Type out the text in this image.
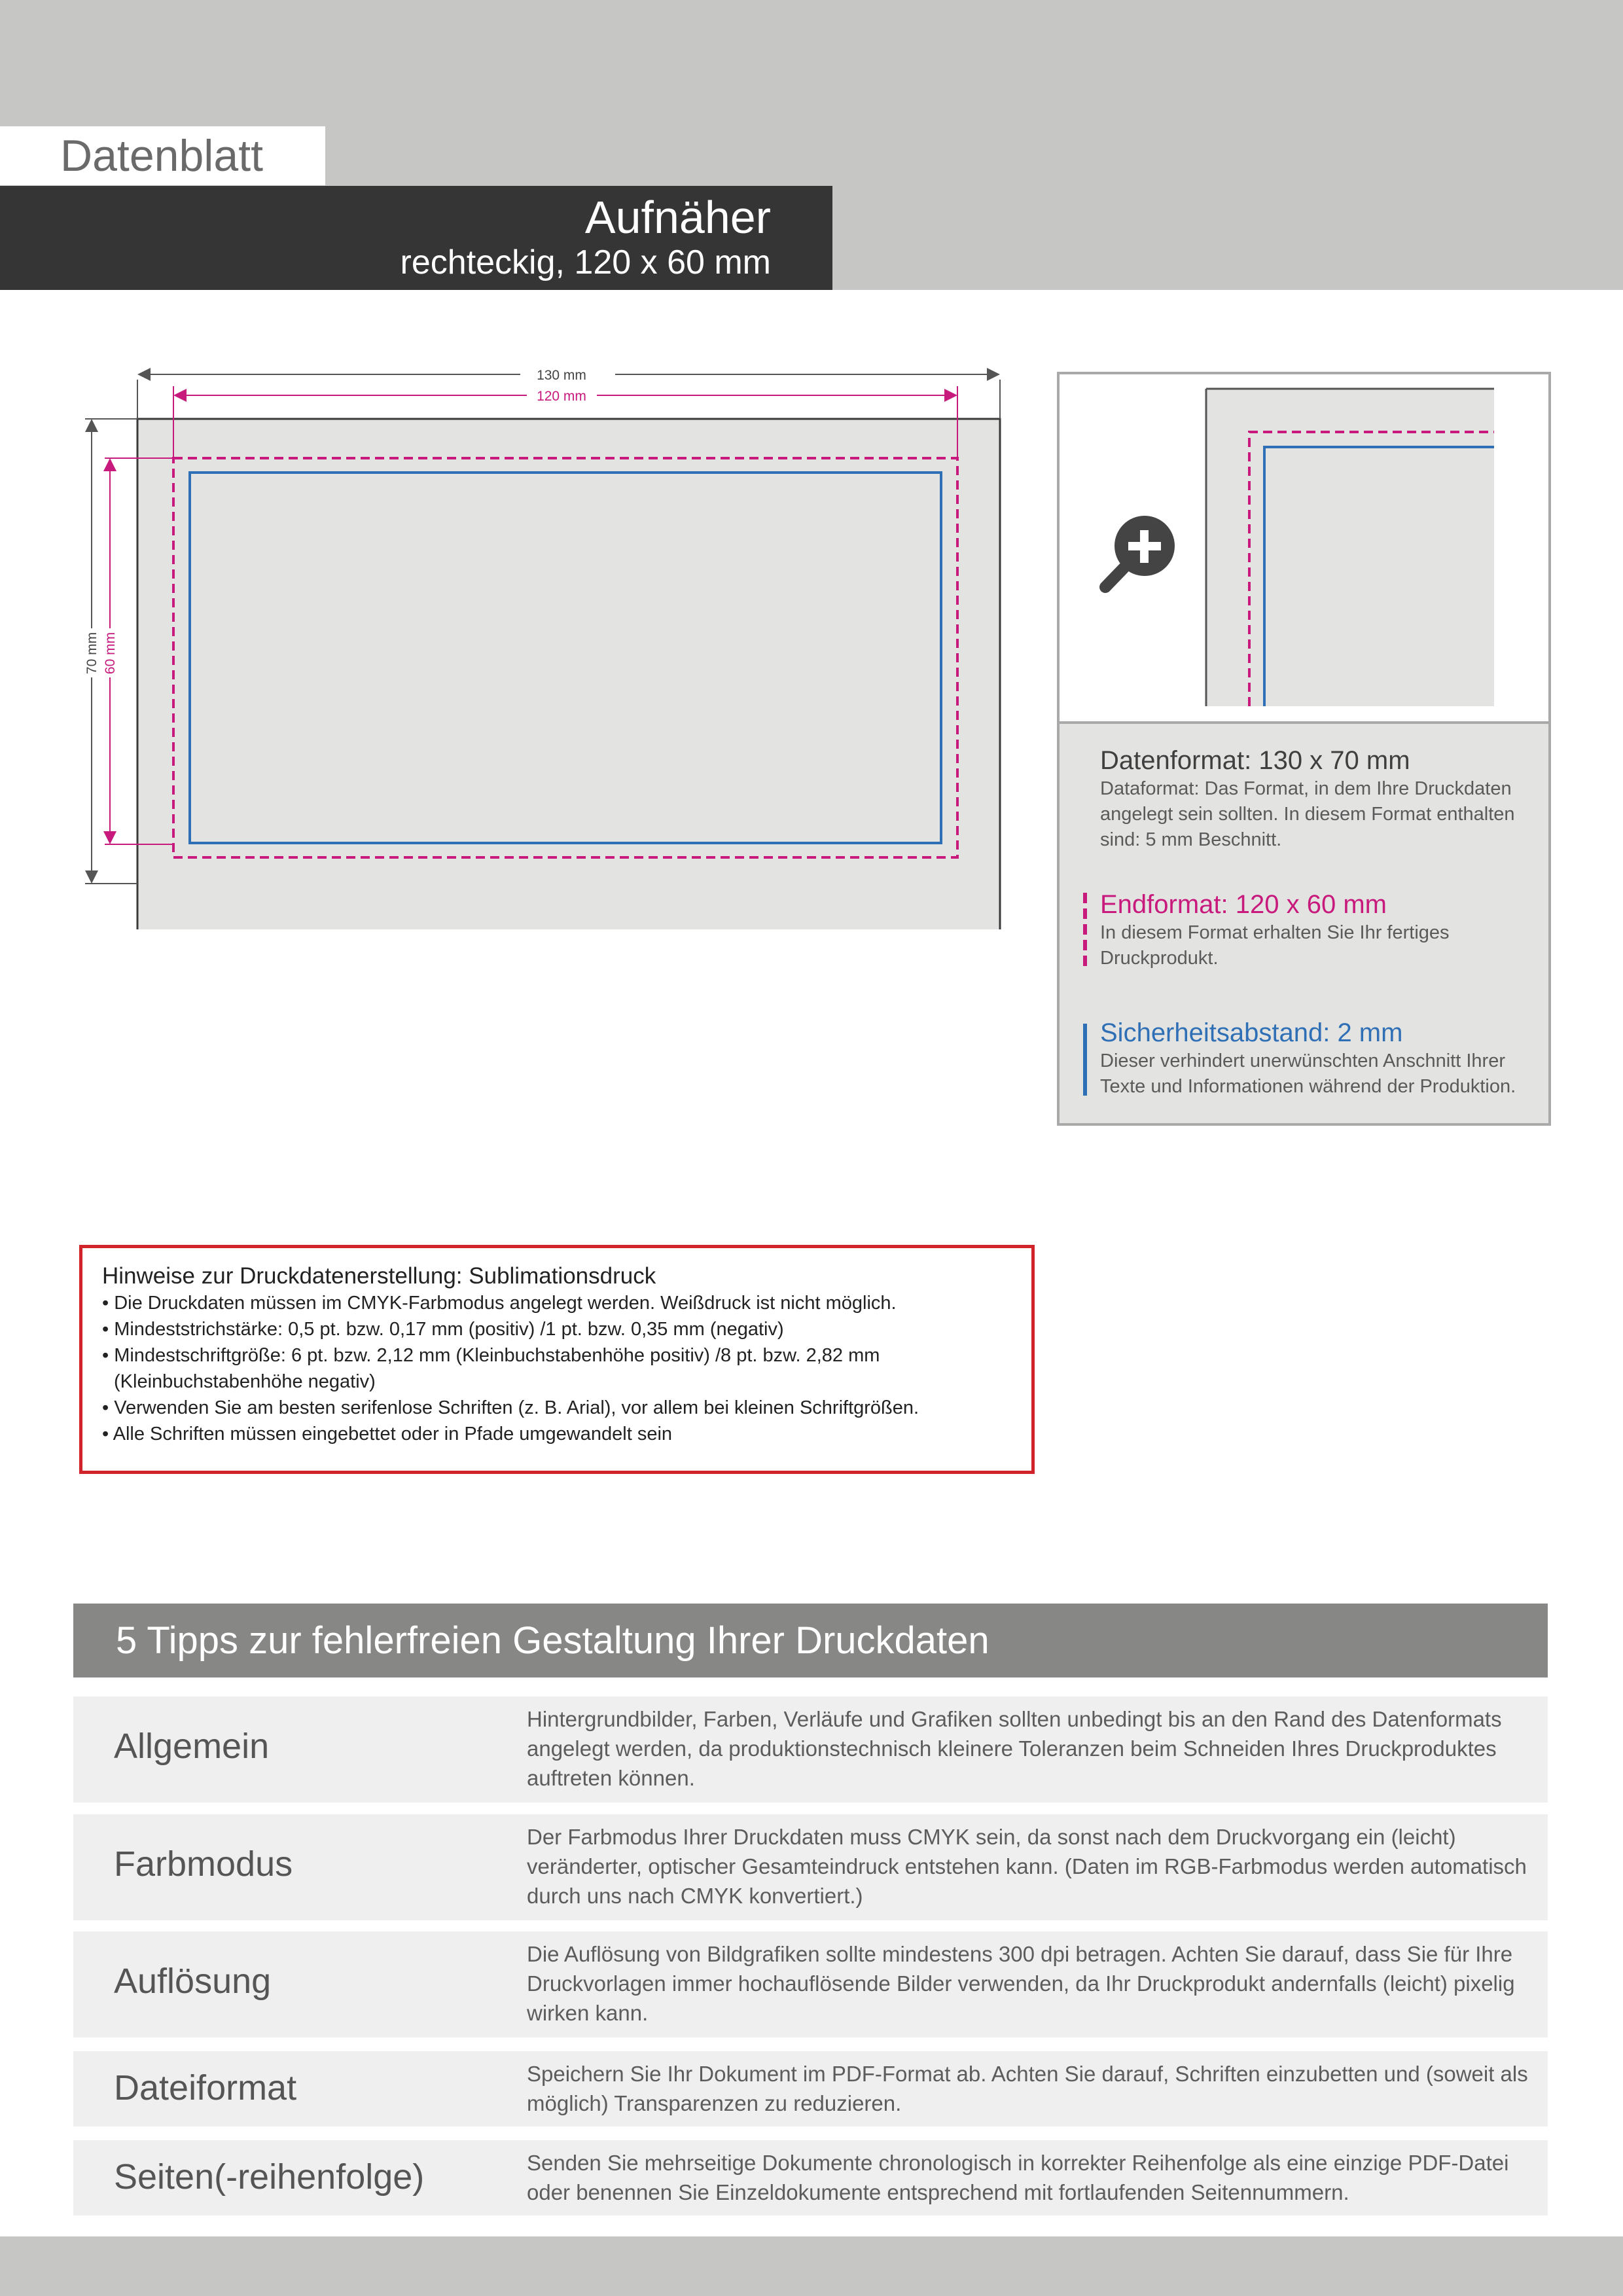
Datenblatt
Aufnäher
rechteckig, 120 x 60 mm
130 mm
120 mm
70 mm 60 mm
Datenformat: 130 x 70 mm
Dataformat: Das Format, in dem Ihre Druckdaten angelegt sein sollten. In diesem Format enthalten sind: 5 mm Beschnitt.
Endformat: 120 x 60 mm
In diesem Format erhalten Sie Ihr fertiges Druckprodukt.
Sicherheitsabstand: 2 mm
Dieser verhindert unerwünschten Anschnitt Ihrer Texte und Informationen während der Produktion.
Hinweise zur Druckdatenerstellung: Sublimationsdruck
• Die Druckdaten müssen im CMYK-Farbmodus angelegt werden. Weißdruck ist nicht möglich.
• Mindeststrichstärke: 0,5 pt. bzw. 0,17 mm (positiv) /1 pt. bzw. 0,35 mm (negativ)
• Mindestschriftgröße: 6 pt. bzw. 2,12 mm (Kleinbuchstabenhöhe positiv) /8 pt. bzw. 2,82 mm
(Kleinbuchstabenhöhe negativ)
• Verwenden Sie am besten serifenlose Schriften (z. B. Arial), vor allem bei kleinen Schriftgrößen.
• Alle Schriften müssen eingebettet oder in Pfade umgewandelt sein
5 Tipps zur fehlerfreien Gestaltung Ihrer Druckdaten
Allgemein
Hintergrundbilder, Farben, Verläufe und Grafiken sollten unbedingt bis an den Rand des Datenformats angelegt werden, da produktionstechnisch kleinere Toleranzen beim Schneiden Ihres Druckproduktes auftreten können.
Farbmodus
Der Farbmodus Ihrer Druckdaten muss CMYK sein, da sonst nach dem Druckvorgang ein (leicht) veränderter, optischer Gesamteindruck entstehen kann. (Daten im RGB-Farbmodus werden automatisch durch uns nach CMYK konvertiert.)
Auflösung
Die Auflösung von Bildgrafiken sollte mindestens 300 dpi betragen. Achten Sie darauf, dass Sie für Ihre Druckvorlagen immer hochauflösende Bilder verwenden, da Ihr Druckprodukt andernfalls (leicht) pixelig wirken kann.
Dateiformat	Speichern Sie Ihr Dokument im PDF-Format ab. Achten Sie darauf, Schriften einzubetten und (soweit als möglich) Transparenzen zu reduzieren.
Seiten(-reihenfolge)	Senden Sie mehrseitige Dokumente chronologisch in korrekter Reihenfolge als eine einzige PDF-Datei oder benennen Sie Einzeldokumente entsprechend mit fortlaufenden Seitennummern.
